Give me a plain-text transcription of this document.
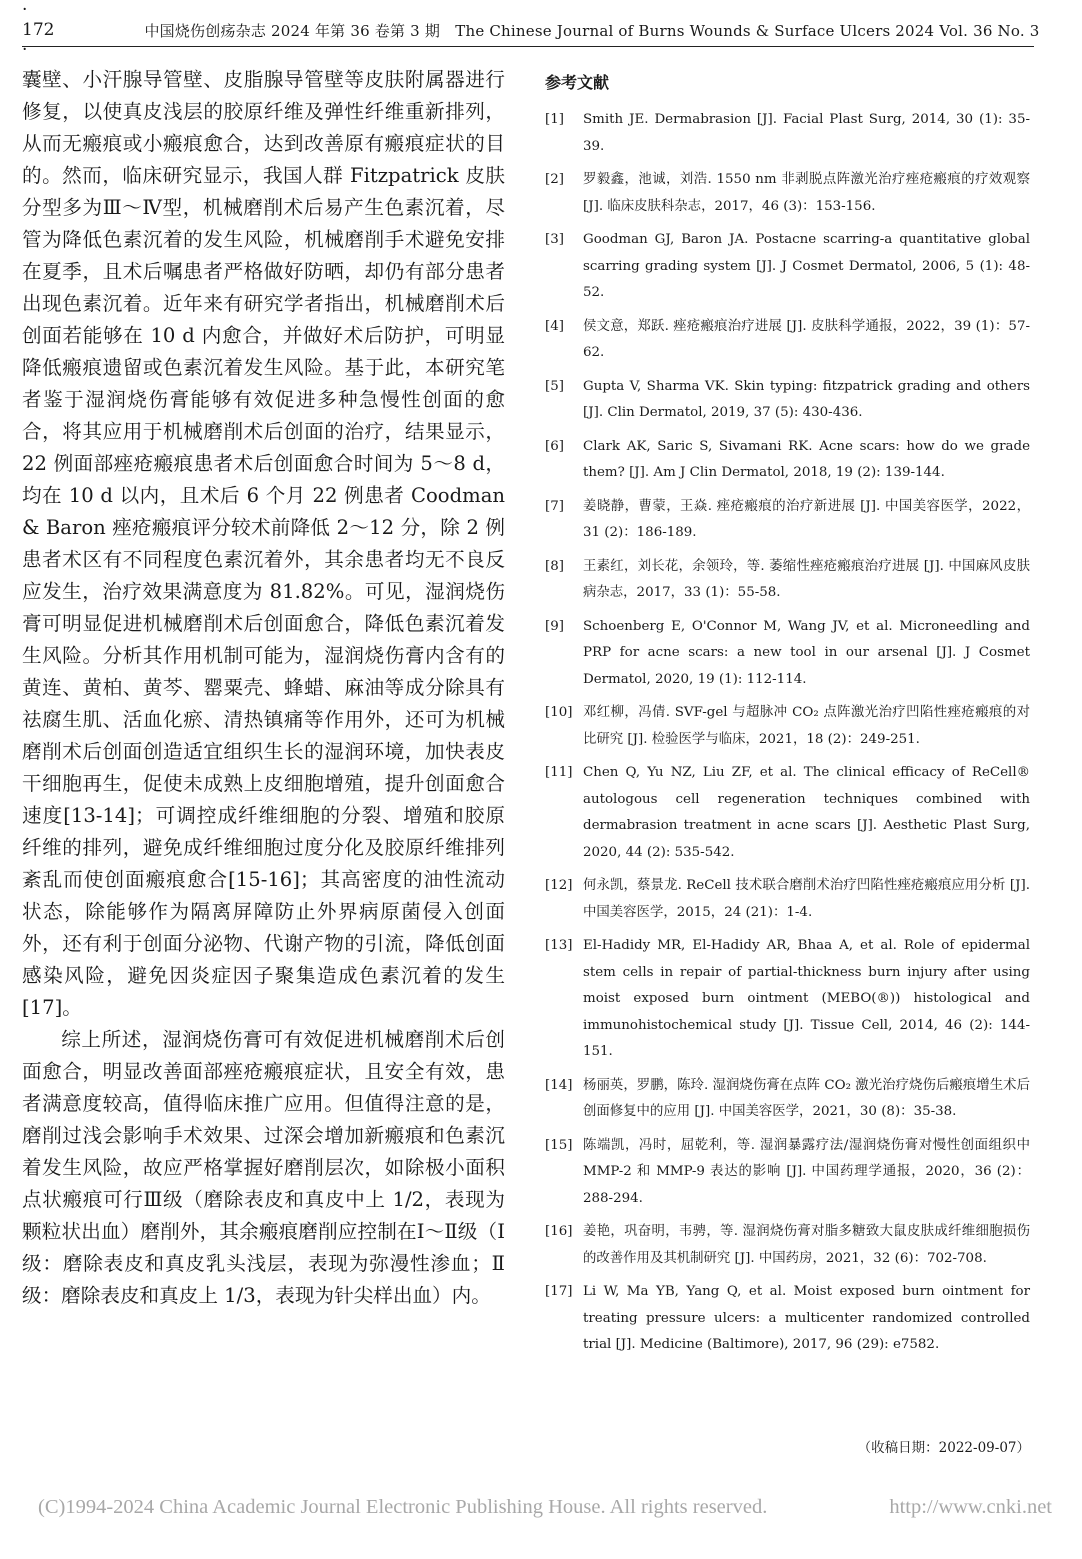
· 172 ·
中国烧伤创疡杂志 2024 年第 36 卷第 3 期　The Chinese Journal of Burns Wounds & Surface Ulcers 2024 Vol. 36 No. 3

囊壁、小汗腺导管壁、皮脂腺导管壁等皮肤附属器进行修复，以使真皮浅层的胶原纤维及弹性纤维重新排列，从而无瘢痕或小瘢痕愈合，达到改善原有瘢痕症状的目的。然而，临床研究显示，我国人群 Fitzpatrick 皮肤分型多为Ⅲ～Ⅳ型，机械磨削术后易产生色素沉着，尽管为降低色素沉着的发生风险，机械磨削手术避免安排在夏季，且术后嘱患者严格做好防晒，却仍有部分患者出现色素沉着。近年来有研究学者指出，机械磨削术后创面若能够在 10 d 内愈合，并做好术后防护，可明显降低瘢痕遗留或色素沉着发生风险。基于此，本研究笔者鉴于湿润烧伤膏能够有效促进多种急慢性创面的愈合，将其应用于机械磨削术后创面的治疗，结果显示，22 例面部痤疮瘢痕患者术后创面愈合时间为 5～8 d，均在 10 d 以内，且术后 6 个月 22 例患者 Coodman & Baron 痤疮瘢痕评分较术前降低 2～12 分，除 2 例患者术区有不同程度色素沉着外，其余患者均无不良反应发生，治疗效果满意度为 81.82%。可见，湿润烧伤膏可明显促进机械磨削术后创面愈合，降低色素沉着发生风险。分析其作用机制可能为，湿润烧伤膏内含有的黄连、黄柏、黄芩、罂粟壳、蜂蜡、麻油等成分除具有祛腐生肌、活血化瘀、清热镇痛等作用外，还可为机械磨削术后创面创造适宜组织生长的湿润环境，加快表皮干细胞再生，促使未成熟上皮细胞增殖，提升创面愈合速度[13-14]；可调控成纤维细胞的分裂、增殖和胶原纤维的排列，避免成纤维细胞过度分化及胶原纤维排列紊乱而使创面瘢痕愈合[15-16]；其高密度的油性流动状态，除能够作为隔离屏障防止外界病原菌侵入创面外，还有利于创面分泌物、代谢产物的引流，降低创面感染风险，避免因炎症因子聚集造成色素沉着的发生[17]。

综上所述，湿润烧伤膏可有效促进机械磨削术后创面愈合，明显改善面部痤疮瘢痕症状，且安全有效，患者满意度较高，值得临床推广应用。但值得注意的是，磨削过浅会影响手术效果、过深会增加新瘢痕和色素沉着发生风险，故应严格掌握好磨削层次，如除极小面积点状瘢痕可行Ⅲ级（磨除表皮和真皮中上 1/2，表现为颗粒状出血）磨削外，其余瘢痕磨削应控制在Ⅰ～Ⅱ级（Ⅰ级：磨除表皮和真皮乳头浅层，表现为弥漫性渗血；Ⅱ级：磨除表皮和真皮上 1/3，表现为针尖样出血）内。

参考文献
[1]	Smith JE. Dermabrasion [J]. Facial Plast Surg, 2014, 30 (1): 35-39.
[2]	罗毅鑫，池诚，刘浩. 1550 nm 非剥脱点阵激光治疗痤疮瘢痕的疗效观察 [J]. 临床皮肤科杂志，2017，46 (3)：153-156.
[3]	Goodman GJ, Baron JA. Postacne scarring-a quantitative global scarring grading system [J]. J Cosmet Dermatol, 2006, 5 (1): 48-52.
[4]	侯文意，郑跃. 痤疮瘢痕治疗进展 [J]. 皮肤科学通报，2022，39 (1)：57-62.
[5]	Gupta V, Sharma VK. Skin typing: fitzpatrick grading and others [J]. Clin Dermatol, 2019, 37 (5): 430-436.
[6]	Clark AK, Saric S, Sivamani RK. Acne scars: how do we grade them? [J]. Am J Clin Dermatol, 2018, 19 (2): 139-144.
[7]	姜晓静，曹蒙，王焱. 痤疮瘢痕的治疗新进展 [J]. 中国美容医学，2022，31 (2)：186-189.
[8]	王素红，刘长花，余领玲，等. 萎缩性痤疮瘢痕治疗进展 [J]. 中国麻风皮肤病杂志，2017，33 (1)：55-58.
[9]	Schoenberg E, O'Connor M, Wang JV, et al. Microneedling and PRP for acne scars: a new tool in our arsenal [J]. J Cosmet Dermatol, 2020, 19 (1): 112-114.
[10] 邓红柳，冯倩. SVF-gel 与超脉冲 CO₂ 点阵激光治疗凹陷性痤疮瘢痕的对比研究 [J]. 检验医学与临床，2021，18 (2)：249-251.
[11] Chen Q, Yu NZ, Liu ZF, et al. The clinical efficacy of ReCell® autologous cell regeneration techniques combined with dermabrasion treatment in acne scars [J]. Aesthetic Plast Surg, 2020, 44 (2): 535-542.
[12] 何永凯，蔡景龙. ReCell 技术联合磨削术治疗凹陷性痤疮瘢痕应用分析 [J]. 中国美容医学，2015，24 (21)：1-4.
[13] El-Hadidy MR, El-Hadidy AR, Bhaa A, et al. Role of epidermal stem cells in repair of partial-thickness burn injury after using moist exposed burn ointment (MEBO(®)) histological and immunohistochemical study [J]. Tissue Cell, 2014, 46 (2): 144-151.
[14] 杨丽英，罗鹏，陈玲. 湿润烧伤膏在点阵 CO₂ 激光治疗烧伤后瘢痕增生术后创面修复中的应用 [J]. 中国美容医学，2021，30 (8)：35-38.
[15] 陈端凯，冯时，屈乾利，等. 湿润暴露疗法/湿润烧伤膏对慢性创面组织中 MMP-2 和 MMP-9 表达的影响 [J]. 中国药理学通报，2020，36 (2)：288-294.
[16] 姜艳，巩奋明，韦骋，等. 湿润烧伤膏对脂多糖致大鼠皮肤成纤维细胞损伤的改善作用及其机制研究 [J]. 中国药房，2021，32 (6)：702-708.
[17] Li W, Ma YB, Yang Q, et al. Moist exposed burn ointment for treating pressure ulcers: a multicenter randomized controlled trial [J]. Medicine (Baltimore), 2017, 96 (29): e7582.
（收稿日期：2022-09-07）
(C)1994-2024 China Academic Journal Electronic Publishing House. All rights reserved.	http://www.cnki.net
